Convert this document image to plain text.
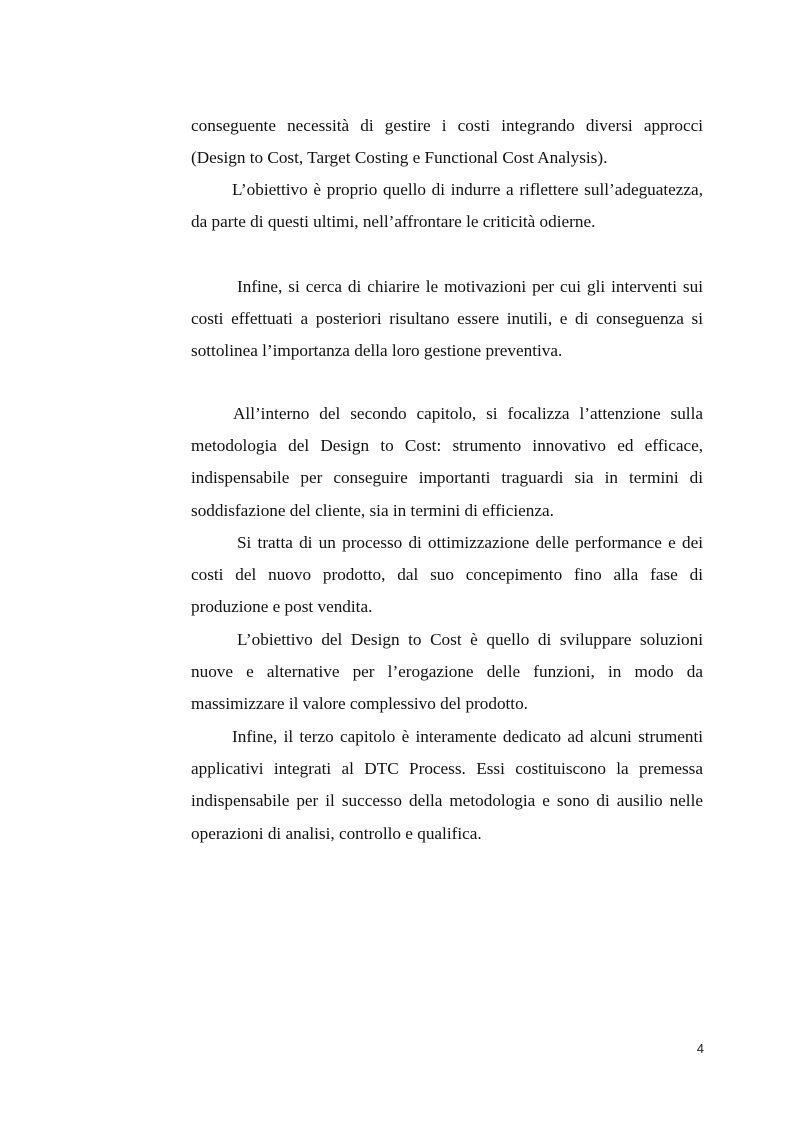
conseguente necessità di gestire i costi integrando diversi approcci (Design to Cost, Target Costing e Functional Cost Analysis).

L’obiettivo è proprio quello di indurre a riflettere sull’adeguatezza, da parte di questi ultimi, nell’affrontare le criticità odierne.

Infine, si cerca di chiarire le motivazioni per cui gli interventi sui costi effettuati a posteriori risultano essere inutili, e di conseguenza si sottolinea l’importanza della loro gestione preventiva.

All’interno del secondo capitolo, si focalizza l’attenzione sulla metodologia del Design to Cost: strumento innovativo ed efficace, indispensabile per conseguire importanti traguardi sia in termini di soddisfazione del cliente, sia in termini di efficienza.

Si tratta di un processo di ottimizzazione delle performance e dei costi del nuovo prodotto, dal suo concepimento fino alla fase di produzione e post vendita.

L’obiettivo del Design to Cost è quello di sviluppare soluzioni nuove e alternative per l’erogazione delle funzioni, in modo da massimizzare il valore complessivo del prodotto.

Infine, il terzo capitolo è interamente dedicato ad alcuni strumenti applicativi integrati al DTC Process. Essi costituiscono la premessa indispensabile per il successo della metodologia e sono di ausilio nelle operazioni di analisi, controllo e qualifica.

4
